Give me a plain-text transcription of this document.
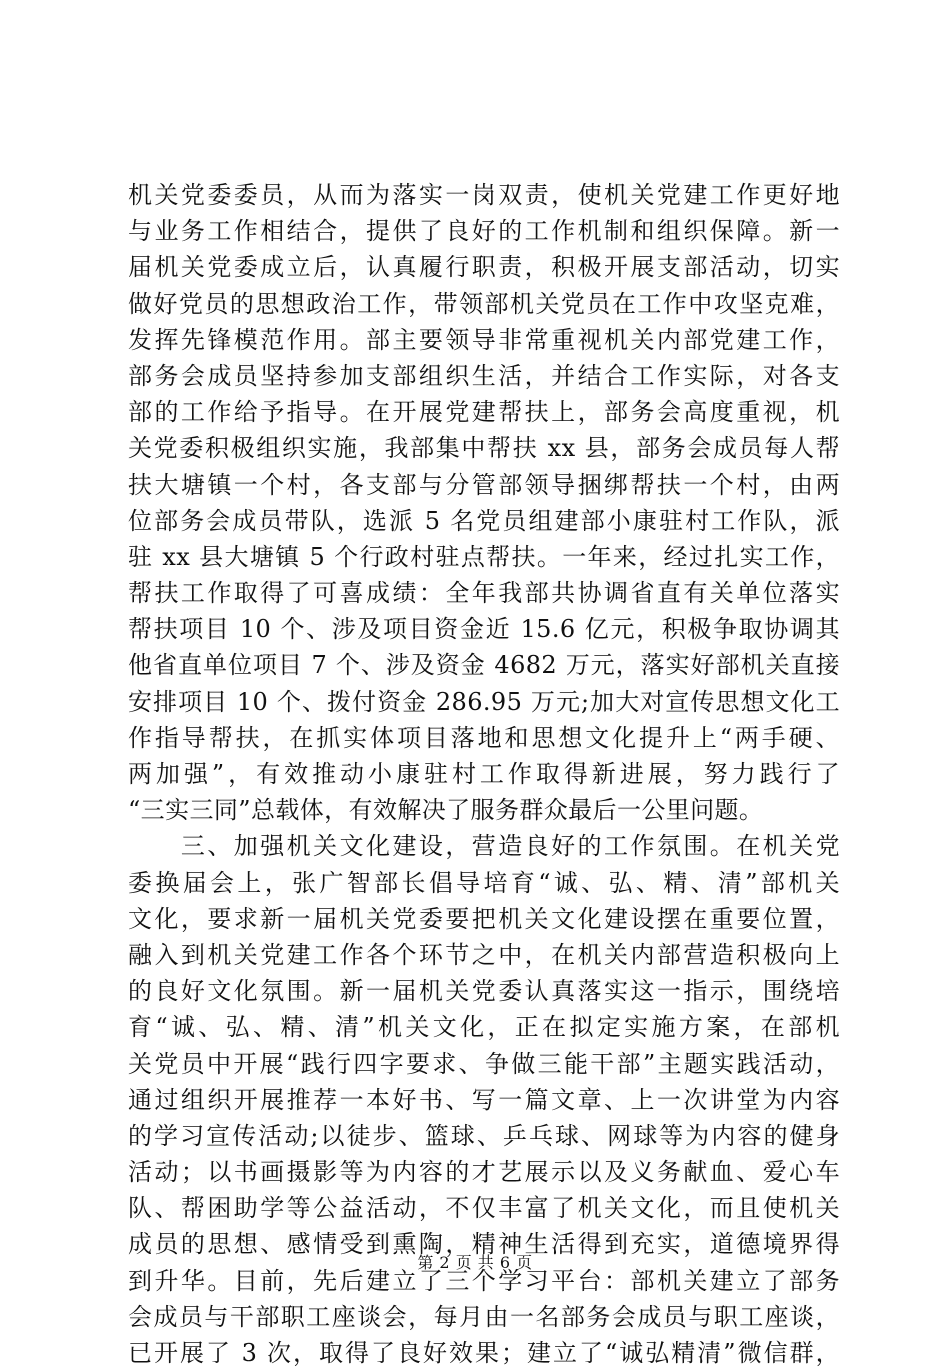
机关党委委员，从而为落实一岗双责，使机关党建工作更好地
与业务工作相结合，提供了良好的工作机制和组织保障。新一
届机关党委成立后，认真履行职责，积极开展支部活动，切实
做好党员的思想政治工作，带领部机关党员在工作中攻坚克难，
发挥先锋模范作用。部主要领导非常重视机关内部党建工作，
部务会成员坚持参加支部组织生活，并结合工作实际，对各支
部的工作给予指导。在开展党建帮扶上，部务会高度重视，机
关党委积极组织实施，我部集中帮扶 xx 县，部务会成员每人帮
扶大塘镇一个村，各支部与分管部领导捆绑帮扶一个村，由两
位部务会成员带队，选派 5 名党员组建部小康驻村工作队，派
驻 xx 县大塘镇 5 个行政村驻点帮扶。一年来，经过扎实工作，
帮扶工作取得了可喜成绩：全年我部共协调省直有关单位落实
帮扶项目 10 个、涉及项目资金近 15.6 亿元，积极争取协调其
他省直单位项目 7 个、涉及资金 4682 万元，落实好部机关直接
安排项目 10 个、拨付资金 286.95 万元;加大对宣传思想文化工
作指导帮扶，在抓实体项目落地和思想文化提升上“两手硬、
两加强”，有效推动小康驻村工作取得新进展，努力践行了
“三实三同”总载体，有效解决了服务群众最后一公里问题。
　　三、加强机关文化建设，营造良好的工作氛围。在机关党
委换届会上，张广智部长倡导培育“诚、弘、精、清”部机关
文化，要求新一届机关党委要把机关文化建设摆在重要位置，
融入到机关党建工作各个环节之中，在机关内部营造积极向上
的良好文化氛围。新一届机关党委认真落实这一指示，围绕培
育“诚、弘、精、清”机关文化，正在拟定实施方案，在部机
关党员中开展“践行四字要求、争做三能干部”主题实践活动，
通过组织开展推荐一本好书、写一篇文章、上一次讲堂为内容
的学习宣传活动;以徒步、篮球、乒乓球、网球等为内容的健身
活动；以书画摄影等为内容的才艺展示以及义务献血、爱心车
队、帮困助学等公益活动，不仅丰富了机关文化，而且使机关
成员的思想、感情受到熏陶，精神生活得到充实，道德境界得
到升华。目前，先后建立了三个学习平台：部机关建立了部务
会成员与干部职工座谈会，每月由一名部务会成员与职工座谈，
已开展了 3 次，取得了良好效果；建立了“诚弘精清”微信群，
第 2 页 共 6 页
